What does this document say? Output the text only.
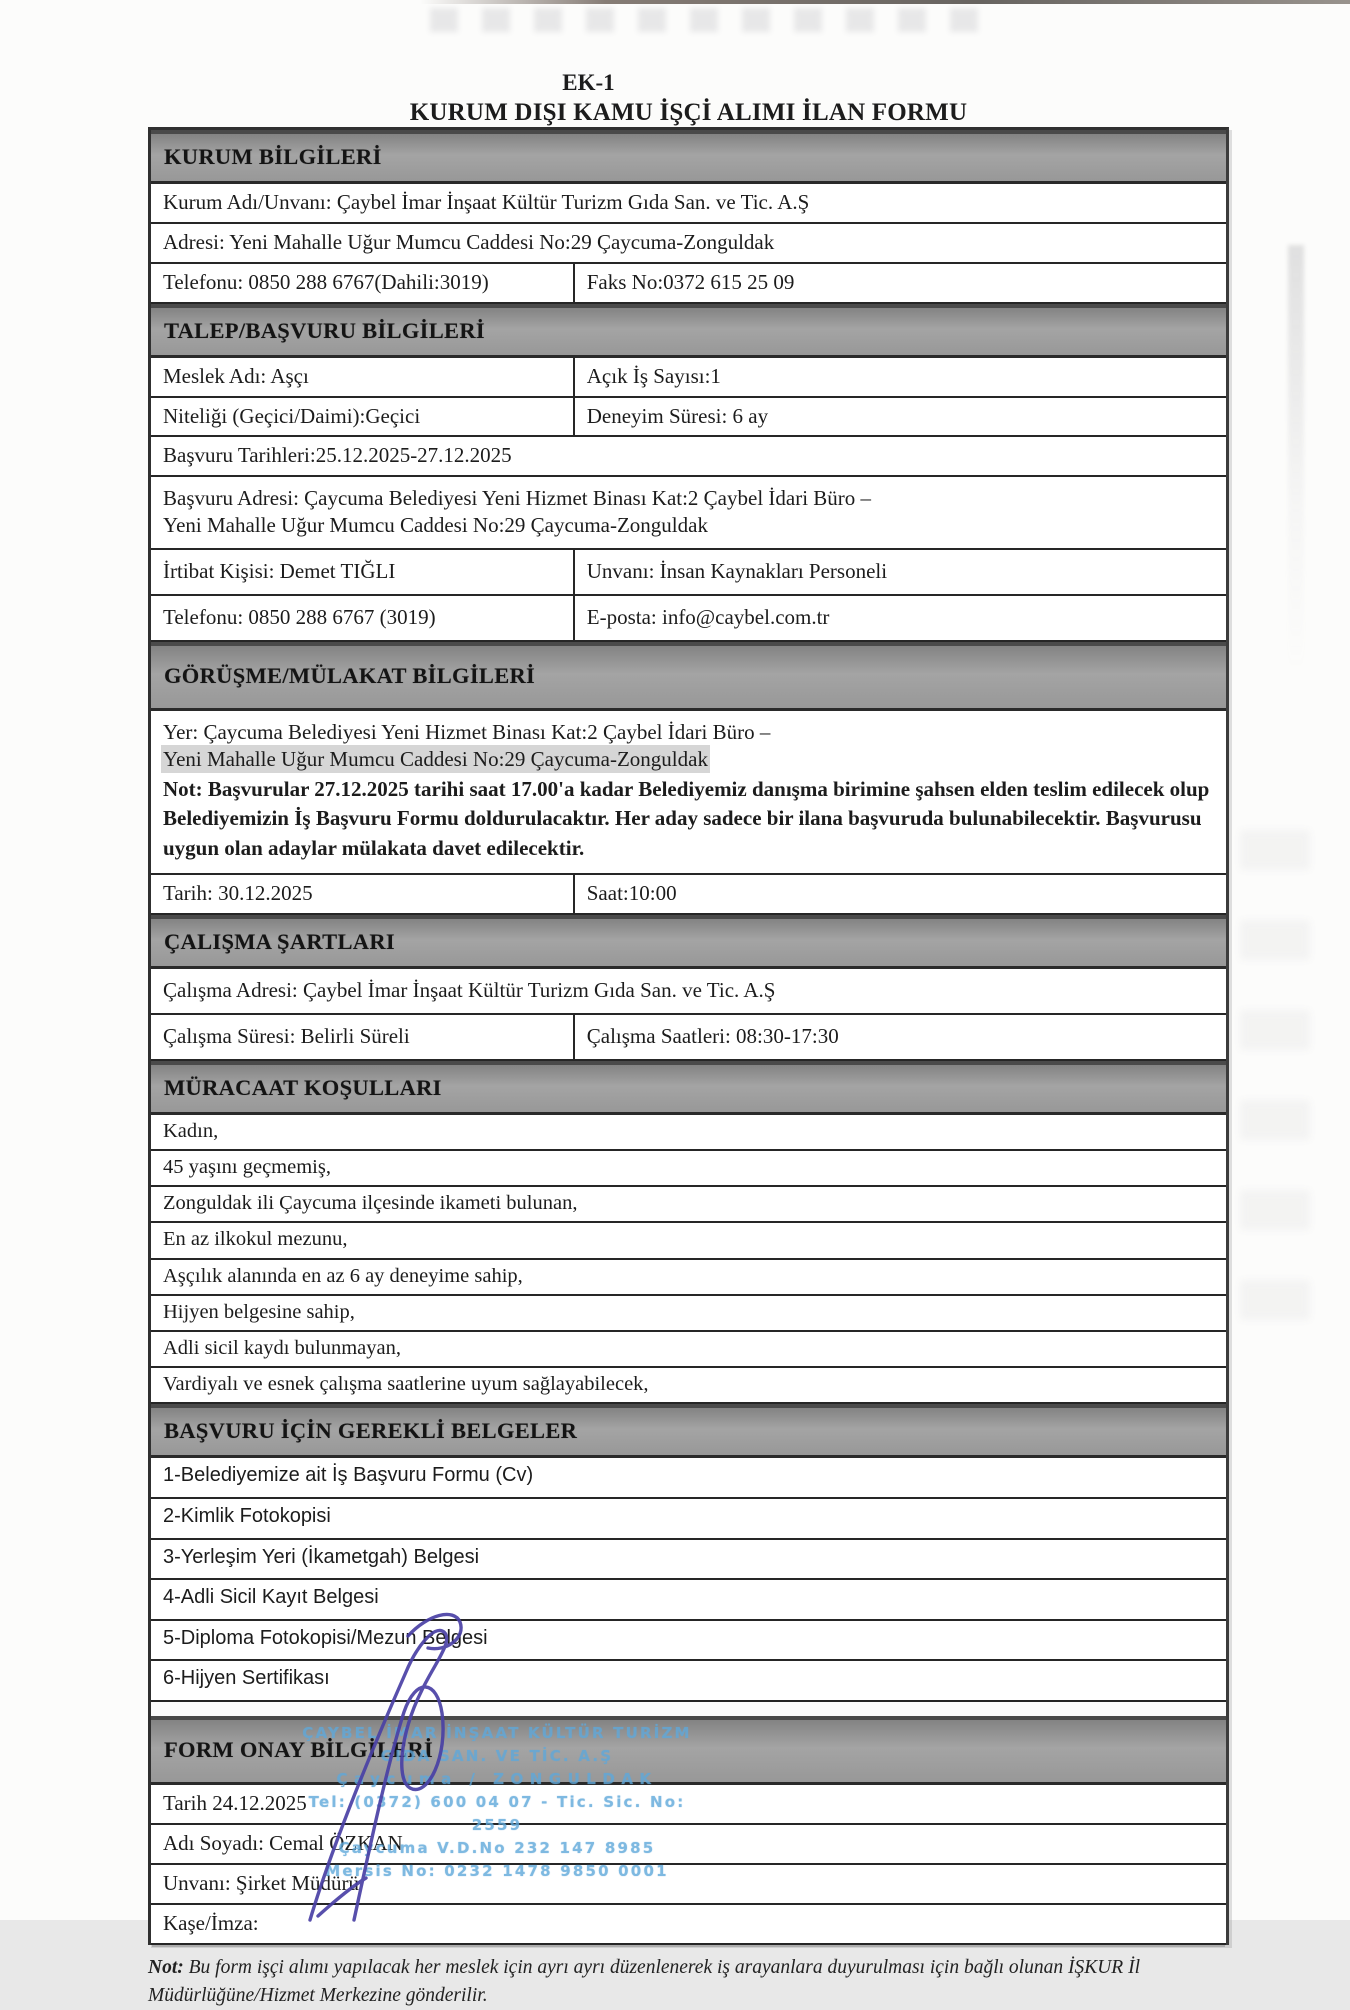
EK-1
KURUM DIŞI KAMU İŞÇİ ALIMI İLAN FORMU
KURUM BİLGİLERİ
Kurum Adı/Unvanı: Çaybel İmar İnşaat Kültür Turizm Gıda San. ve Tic. A.Ş
Adresi: Yeni Mahalle Uğur Mumcu Caddesi No:29 Çaycuma-Zonguldak
Telefonu: 0850 288 6767(Dahili:3019)	Faks No:0372 615 25 09
TALEP/BAŞVURU BİLGİLERİ
Meslek Adı: Aşçı	Açık İş Sayısı:1
Niteliği (Geçici/Daimi):Geçici	Deneyim Süresi: 6 ay
Başvuru Tarihleri:25.12.2025-27.12.2025
Başvuru Adresi: Çaycuma Belediyesi Yeni Hizmet Binası Kat:2 Çaybel İdari Büro –
Yeni Mahalle Uğur Mumcu Caddesi No:29 Çaycuma-Zonguldak
İrtibat Kişisi: Demet TIĞLI	Unvanı: İnsan Kaynakları Personeli
Telefonu: 0850 288 6767 (3019)	E-posta: info@caybel.com.tr
GÖRÜŞME/MÜLAKAT BİLGİLERİ
Yer: Çaycuma Belediyesi Yeni Hizmet Binası Kat:2 Çaybel İdari Büro –
Yeni Mahalle Uğur Mumcu Caddesi No:29 Çaycuma-Zonguldak
Not: Başvurular 27.12.2025 tarihi saat 17.00'a kadar Belediyemiz danışma birimine şahsen elden teslim edilecek olup Belediyemizin İş Başvuru Formu doldurulacaktır. Her aday sadece bir ilana başvuruda bulunabilecektir. Başvurusu uygun olan adaylar mülakata davet edilecektir.
Tarih: 30.12.2025	Saat:10:00
ÇALIŞMA ŞARTLARI
Çalışma Adresi: Çaybel İmar İnşaat Kültür Turizm Gıda San. ve Tic. A.Ş
Çalışma Süresi: Belirli Süreli	Çalışma Saatleri: 08:30-17:30
MÜRACAAT KOŞULLARI
Kadın,
45 yaşını geçmemiş,
Zonguldak ili Çaycuma ilçesinde ikameti bulunan,
En az ilkokul mezunu,
Aşçılık alanında en az 6 ay deneyime sahip,
Hijyen belgesine sahip,
Adli sicil kaydı bulunmayan,
Vardiyalı ve esnek çalışma saatlerine uyum sağlayabilecek,
BAŞVURU İÇİN GEREKLİ BELGELER
1-Belediyemize ait İş Başvuru Formu (Cv)
2-Kimlik Fotokopisi
3-Yerleşim Yeri (İkametgah) Belgesi
4-Adli Sicil Kayıt Belgesi
5-Diploma Fotokopisi/Mezun Belgesi
6-Hijyen Sertifikası
FORM ONAY BİLGİLERİ
Tarih 24.12.2025
Adı Soyadı: Cemal ÖZKAN
Unvanı: Şirket Müdürü
Kaşe/İmza:
Not: Bu form işçi alımı yapılacak her meslek için ayrı ayrı düzenlenerek iş arayanlara duyurulması için bağlı olunan İŞKUR İl Müdürlüğüne/Hizmet Merkezine gönderilir.
ÇAYBEL İMAR İNŞAAT KÜLTÜR TURİZM
GIDA SAN. VE TİC. A.Ş
Çaycuma / ZONGULDAK
Tel: (0372) 600 04 07 - Tic. Sic. No: 2559
Çaycuma V.D.No 232 147 8985
Mersis No: 0232 1478 9850 0001
